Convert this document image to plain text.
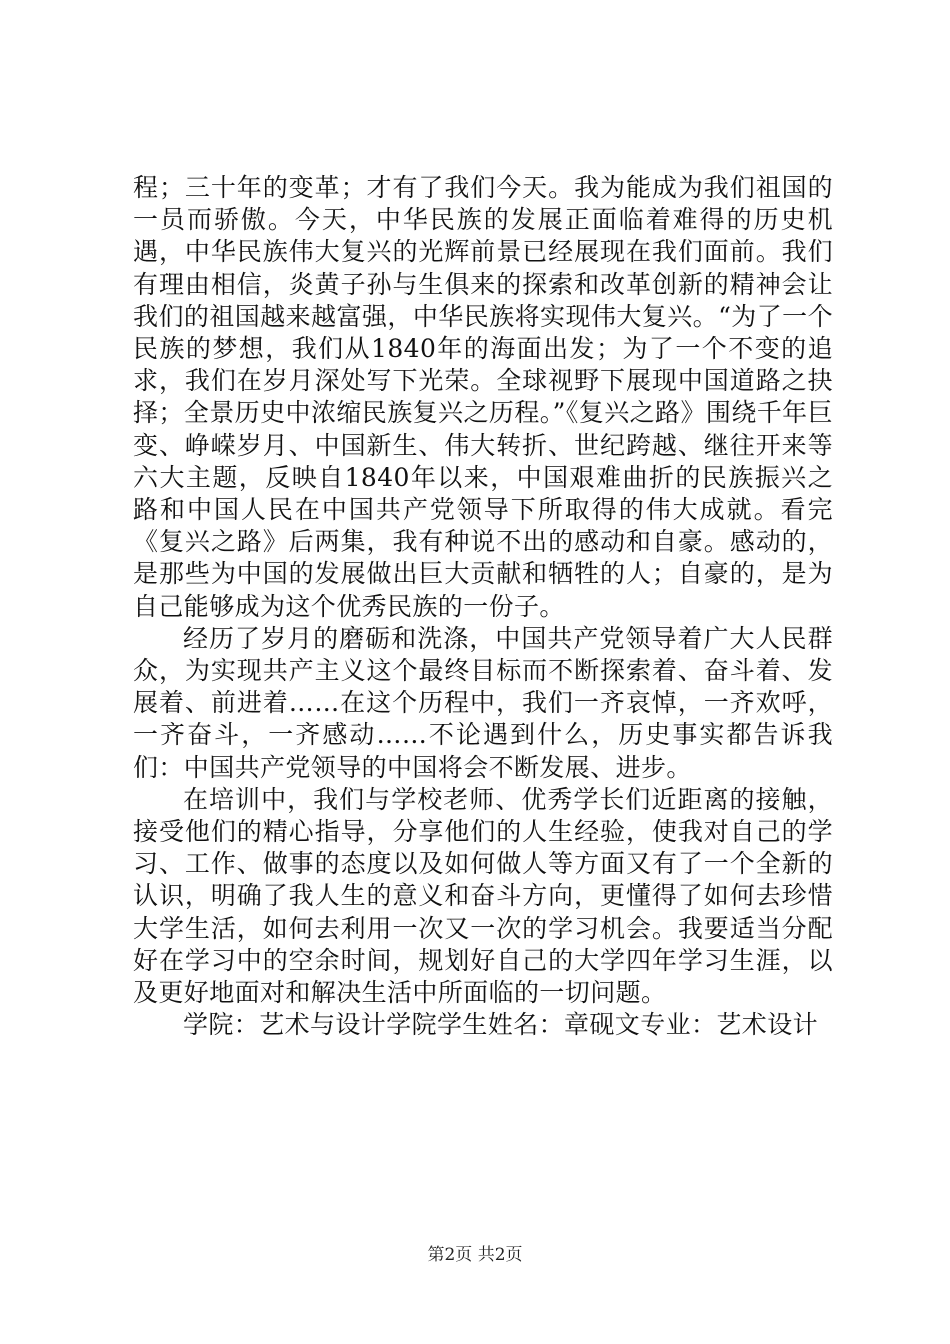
程；三十年的变革；才有了我们今天。我为能成为我们祖国的一员而骄傲。今天，中华民族的发展正面临着难得的历史机遇，中华民族伟大复兴的光辉前景已经展现在我们面前。我们有理由相信，炎黄子孙与生俱来的探索和改革创新的精神会让我们的祖国越来越富强，中华民族将实现伟大复兴。“为了一个民族的梦想，我们从1840年的海面出发；为了一个不变的追求，我们在岁月深处写下光荣。全球视野下展现中国道路之抉择；全景历史中浓缩民族复兴之历程。”《复兴之路》围绕千年巨变、峥嵘岁月、中国新生、伟大转折、世纪跨越、继往开来等六大主题，反映自1840年以来，中国艰难曲折的民族振兴之路和中国人民在中国共产党领导下所取得的伟大成就。看完《复兴之路》后两集，我有种说不出的感动和自豪。感动的，是那些为中国的发展做出巨大贡献和牺牲的人；自豪的，是为自己能够成为这个优秀民族的一份子。

经历了岁月的磨砺和洗涤，中国共产党领导着广大人民群众，为实现共产主义这个最终目标而不断探索着、奋斗着、发展着、前进着……在这个历程中，我们一齐哀悼，一齐欢呼，一齐奋斗，一齐感动……不论遇到什么，历史事实都告诉我们：中国共产党领导的中国将会不断发展、进步。

在培训中，我们与学校老师、优秀学长们近距离的接触，接受他们的精心指导，分享他们的人生经验，使我对自己的学习、工作、做事的态度以及如何做人等方面又有了一个全新的认识，明确了我人生的意义和奋斗方向，更懂得了如何去珍惜大学生活，如何去利用一次又一次的学习机会。我要适当分配好在学习中的空余时间，规划好自己的大学四年学习生涯，以及更好地面对和解决生活中所面临的一切问题。

学院：艺术与设计学院学生姓名：章砚文专业：艺术设计

第2页 共2页
